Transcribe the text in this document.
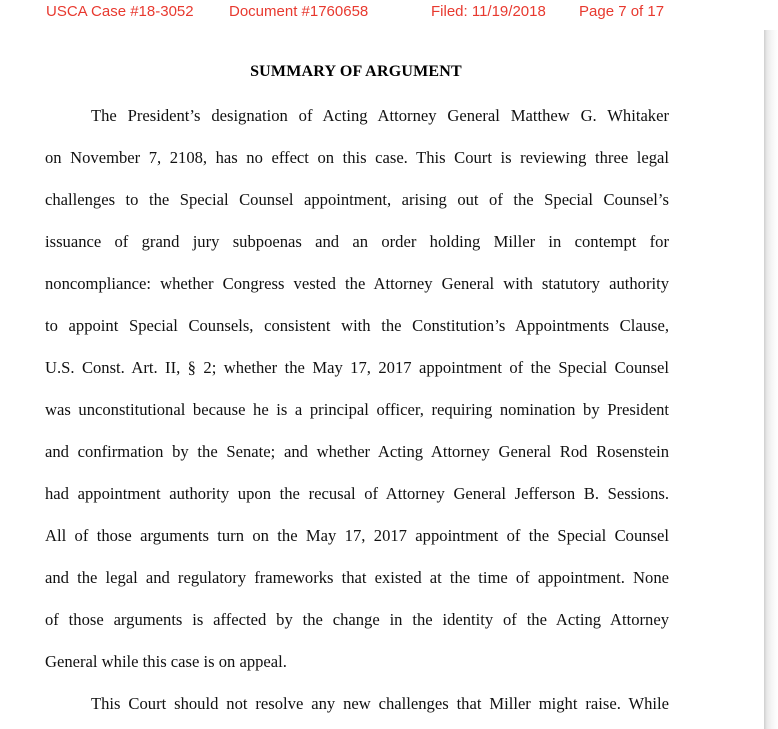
USCA Case #18-3052 Document #1760658	Filed: 11/19/2018 Page 7 of 17
SUMMARY OF ARGUMENT
The President’s designation of Acting Attorney General Matthew G. Whitaker
on November 7, 2108, has no effect on this case. This Court is reviewing three legal
challenges to the Special Counsel appointment, arising out of the Special Counsel’s
issuance of grand jury subpoenas and an order holding Miller in contempt for
noncompliance: whether Congress vested the Attorney General with statutory authority
to appoint Special Counsels, consistent with the Constitution’s Appointments Clause,
U.S. Const. Art. II, § 2; whether the May 17, 2017 appointment of the Special Counsel
was unconstitutional because he is a principal officer, requiring nomination by President
and confirmation by the Senate; and whether Acting Attorney General Rod Rosenstein
had appointment authority upon the recusal of Attorney General Jefferson B. Sessions.
All of those arguments turn on the May 17, 2017 appointment of the Special Counsel
and the legal and regulatory frameworks that existed at the time of appointment. None
of those arguments is affected by the change in the identity of the Acting Attorney
General while this case is on appeal.
This Court should not resolve any new challenges that Miller might raise. While
